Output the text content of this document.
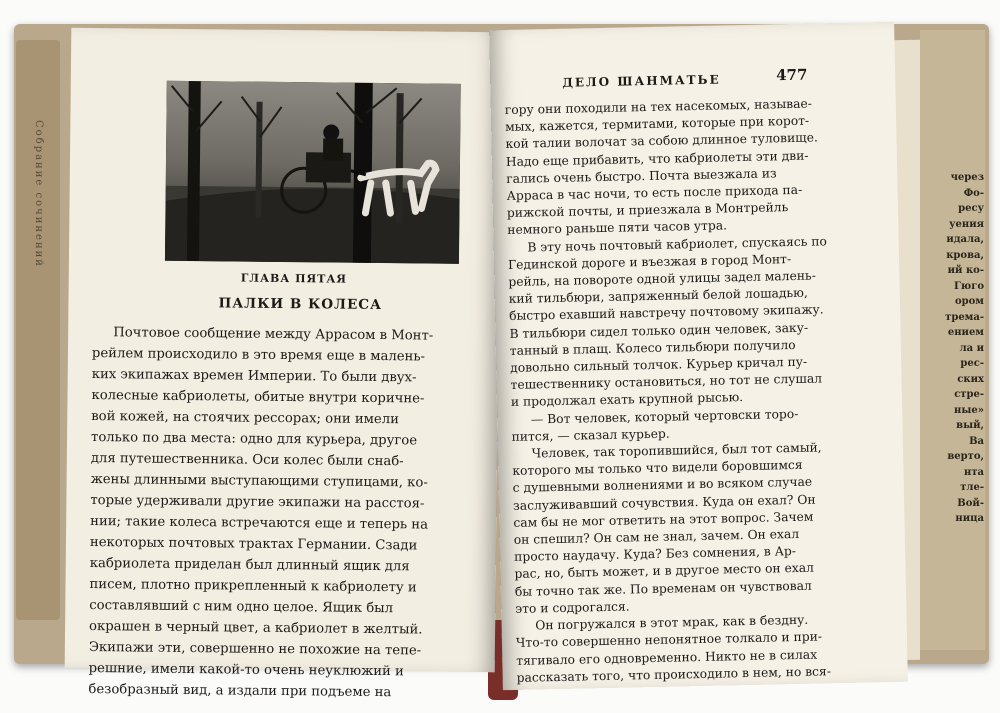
Собрание сочинений	через
Фо-
ресу
уения
идала,
крова,
ий ко-
Гюго
ором
трема-
ением
ла и
рес-
ских
стре-
ные»
вый,
Ва
верто,
нта
тле-
Вой-
ница
ГЛАВА ПЯТАЯ
ПАЛКИ В КОЛЕСА
Почтовое сообщение между Аррасом в Монт-
рейлем происходило в это время еще в малень-
ких экипажах времен Империи. То были двух-
колесные кабриолеты, обитые внутри коричне-
вой кожей, на стоячих рессорах; они имели
только по два места: одно для курьера, другое
для путешественника. Оси колес были снаб-
жены длинными выступающими ступицами, ко-
торые удерживали другие экипажи на расстоя-
нии; такие колеса встречаются еще и теперь на
некоторых почтовых трактах Германии. Сзади
кабриолета приделан был длинный ящик для
писем, плотно прикрепленный к кабриолету и
составлявший с ним одно целое. Ящик был
окрашен в черный цвет, а кабриолет в желтый.
Экипажи эти, совершенно не похожие на тепе-
решние, имели какой-то очень неуклюжий и
безобразный вид, а издали при подъеме на
ДЕЛО ШАНМАТЬЕ	477
гору они походили на тех насекомых, называе-
мых, кажется, термитами, которые при корот-
кой талии волочат за собою длинное туловище.
Надо еще прибавить, что кабриолеты эти дви-
гались очень быстро. Почта выезжала из
Арраса в час ночи, то есть после прихода па-
рижской почты, и приезжала в Монтрейль
немного раньше пяти часов утра.
В эту ночь почтовый кабриолет, спускаясь по
Гединской дороге и въезжая в город Монт-
рейль, на повороте одной улицы задел малень-
кий тильбюри, запряженный белой лошадью,
быстро ехавший навстречу почтовому экипажу.
В тильбюри сидел только один человек, заку-
танный в плащ. Колесо тильбюри получило
довольно сильный толчок. Курьер кричал пу-
тешественнику остановиться, но тот не слушал
и продолжал ехать крупной рысью.
— Вот человек, который чертовски торо-
пится, — сказал курьер.
Человек, так торопившийся, был тот самый,
которого мы только что видели боровшимся
с душевными волнениями и во всяком случае
заслуживавший сочувствия. Куда он ехал? Он
сам бы не мог ответить на этот вопрос. Зачем
он спешил? Он сам не знал, зачем. Он ехал
просто наудачу. Куда? Без сомнения, в Ар-
рас, но, быть может, и в другое место он ехал
бы точно так же. По временам он чувствовал
это и содрогался.
Он погружался в этот мрак, как в бездну.
Что-то совершенно непонятное толкало и при-
тягивало его одновременно. Никто не в силах
рассказать того, что происходило в нем, но вся-
